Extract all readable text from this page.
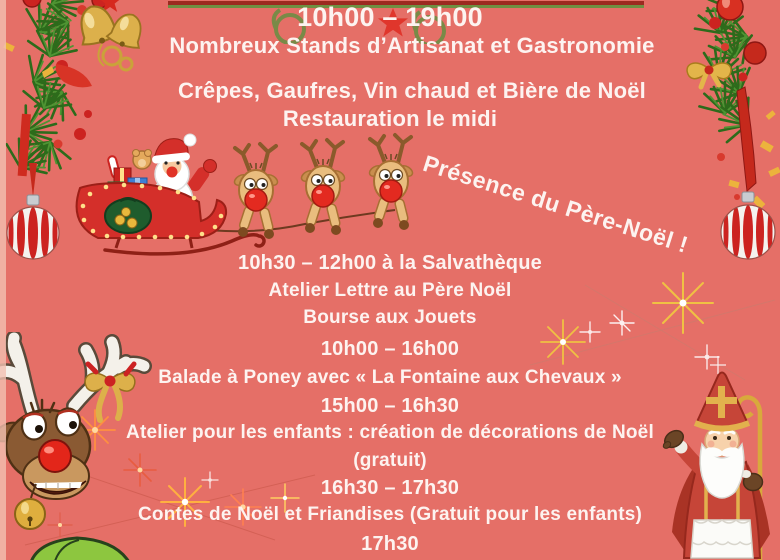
10h00 – 19h00
Nombreux Stands d’Artisanat et Gastronomie
Crêpes, Gaufres, Vin chaud et Bière de Noël
Restauration le midi
10h30 – 12h00 à la Salvathèque
Atelier Lettre au Père Noël
Bourse aux Jouets
10h00 – 16h00
Balade à Poney avec « La Fontaine aux Chevaux »
15h00 – 16h30
Atelier pour les enfants : création de décorations de Noël
(gratuit)
16h30 – 17h30
Contes de Noël et Friandises (Gratuit pour les enfants)
17h30
Présence du Père-Noël !
